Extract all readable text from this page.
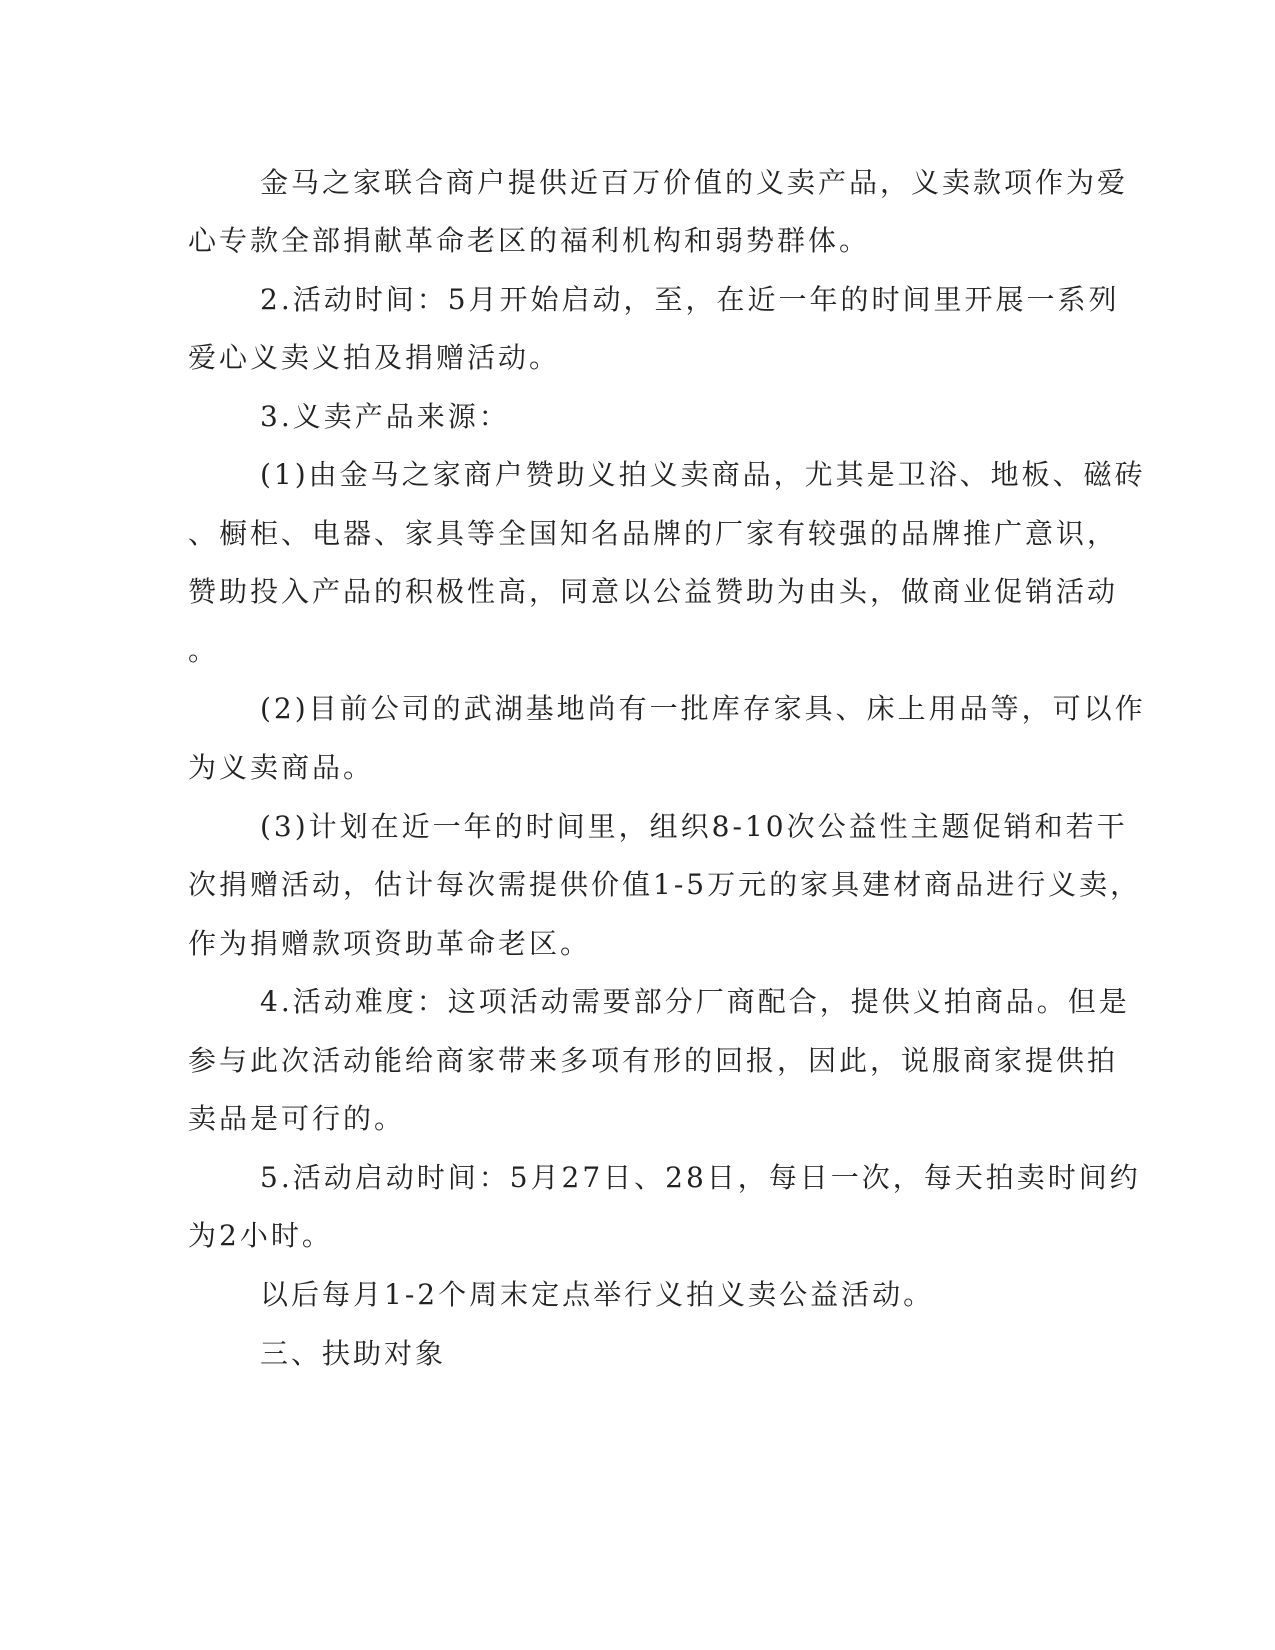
金马之家联合商户提供近百万价值的义卖产品，义卖款项作为爱
心专款全部捐献革命老区的福利机构和弱势群体。
2.活动时间：5月开始启动，至，在近一年的时间里开展一系列
爱心义卖义拍及捐赠活动。
3.义卖产品来源：
(1)由金马之家商户赞助义拍义卖商品，尤其是卫浴、地板、磁砖
、橱柜、电器、家具等全国知名品牌的厂家有较强的品牌推广意识，
赞助投入产品的积极性高，同意以公益赞助为由头，做商业促销活动
。
(2)目前公司的武湖基地尚有一批库存家具、床上用品等，可以作
为义卖商品。
(3)计划在近一年的时间里，组织8-10次公益性主题促销和若干
次捐赠活动，估计每次需提供价值1-5万元的家具建材商品进行义卖，
作为捐赠款项资助革命老区。
4.活动难度：这项活动需要部分厂商配合，提供义拍商品。但是
参与此次活动能给商家带来多项有形的回报，因此，说服商家提供拍
卖品是可行的。
5.活动启动时间：5月27日、28日，每日一次，每天拍卖时间约
为2小时。
以后每月1-2个周末定点举行义拍义卖公益活动。
三、扶助对象
